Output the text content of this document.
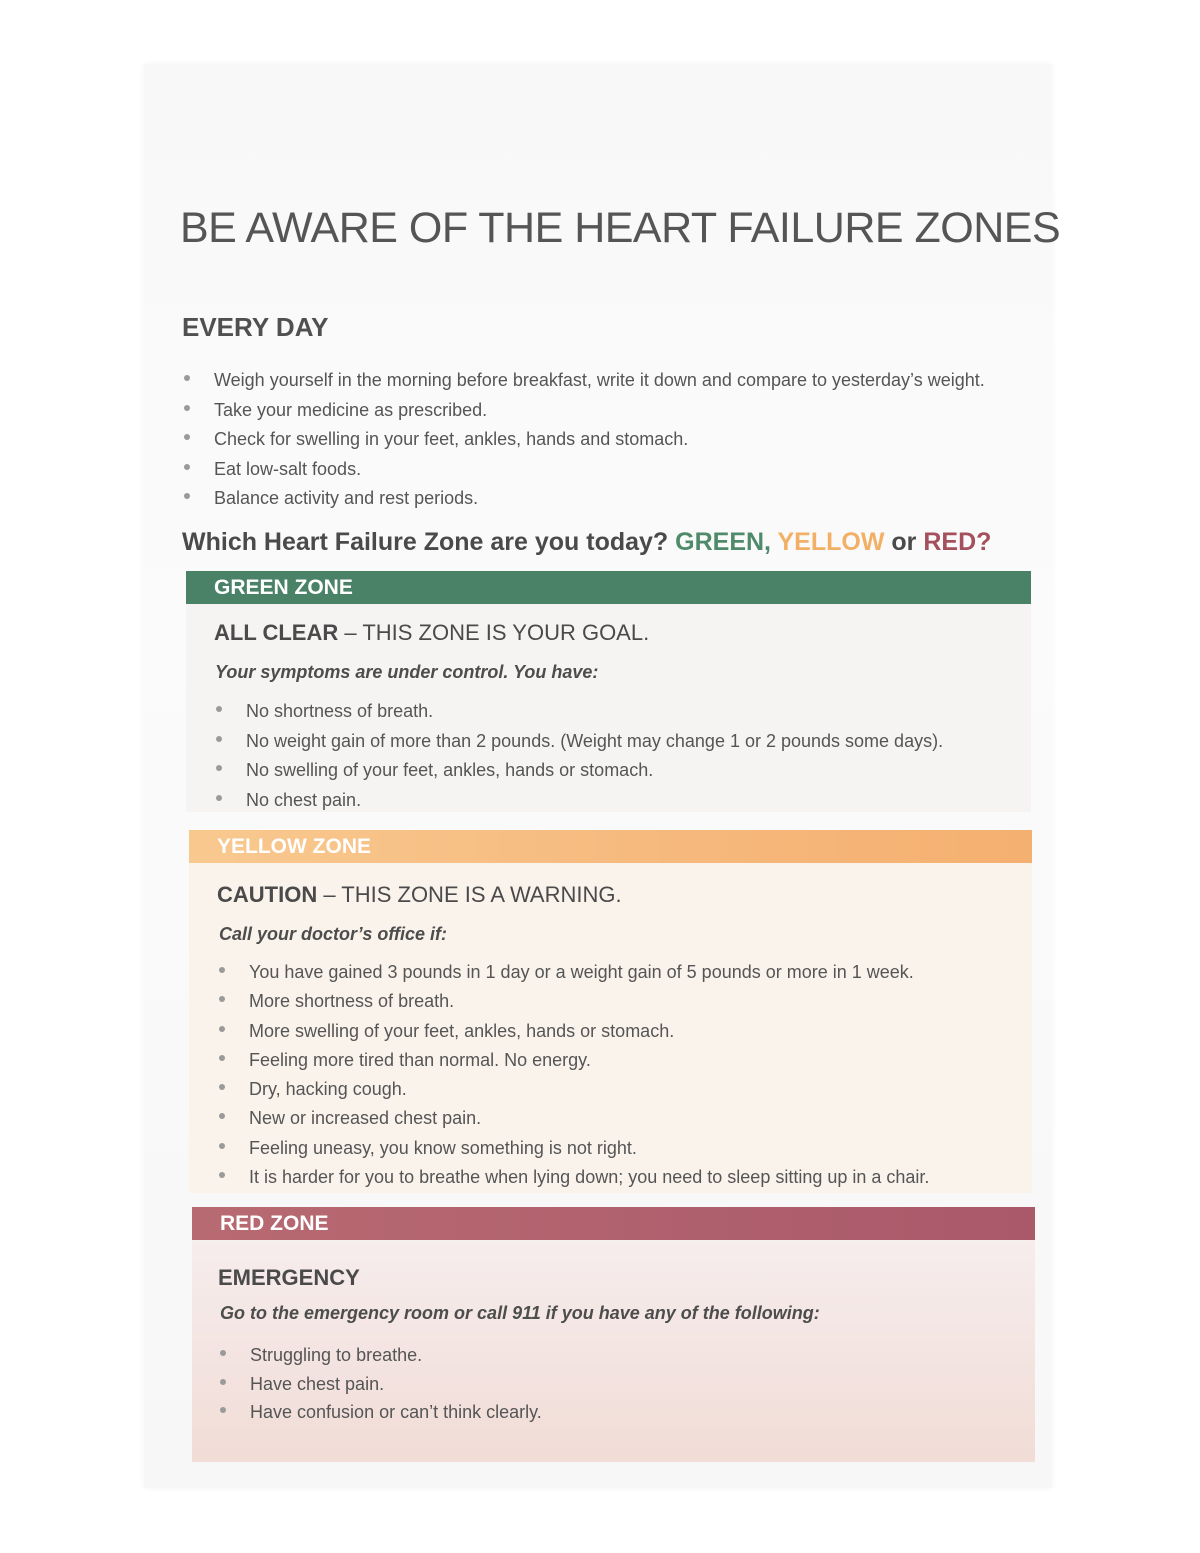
BE AWARE OF THE HEART FAILURE ZONES
EVERY DAY
Weigh yourself in the morning before breakfast, write it down and compare to yesterday’s weight.
Take your medicine as prescribed.
Check for swelling in your feet, ankles, hands and stomach.
Eat low-salt foods.
Balance activity and rest periods.
Which Heart Failure Zone are you today? GREEN, YELLOW or RED?
GREEN ZONE
ALL CLEAR – THIS ZONE IS YOUR GOAL.
Your symptoms are under control. You have:
No shortness of breath.
No weight gain of more than 2 pounds. (Weight may change 1 or 2 pounds some days).
No swelling of your feet, ankles, hands or stomach.
No chest pain.
YELLOW ZONE
CAUTION – THIS ZONE IS A WARNING.
Call your doctor’s office if:
You have gained 3 pounds in 1 day or a weight gain of 5 pounds or more in 1 week.
More shortness of breath.
More swelling of your feet, ankles, hands or stomach.
Feeling more tired than normal. No energy.
Dry, hacking cough.
New or increased chest pain.
Feeling uneasy, you know something is not right.
It is harder for you to breathe when lying down; you need to sleep sitting up in a chair.
RED ZONE
EMERGENCY
Go to the emergency room or call 911 if you have any of the following:
Struggling to breathe.
Have chest pain.
Have confusion or can’t think clearly.
